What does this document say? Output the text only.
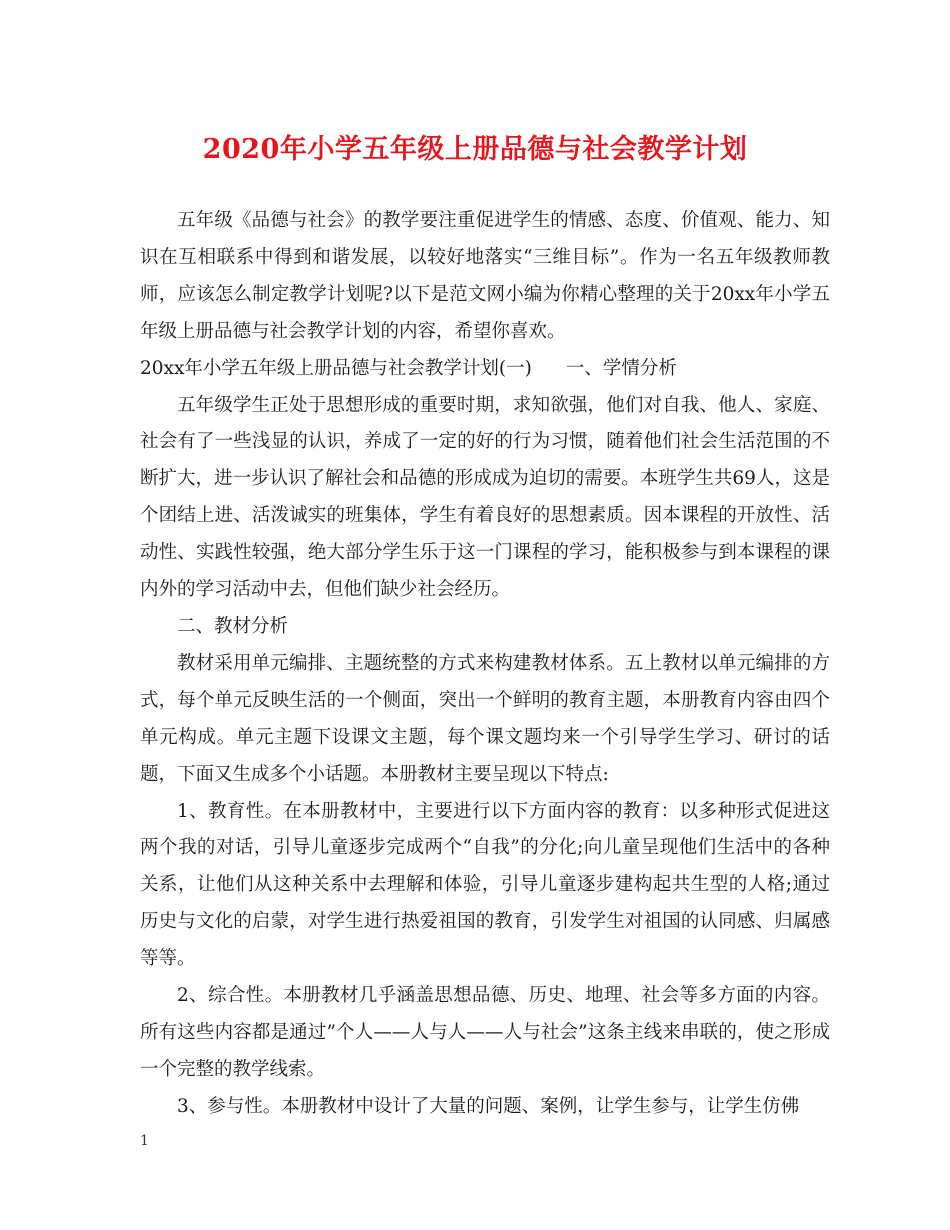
2020年小学五年级上册品德与社会教学计划

五年级《品德与社会》的教学要注重促进学生的情感、态度、价值观、能力、知识在互相联系中得到和谐发展，以较好地落实“三维目标”。作为一名五年级教师教师，应该怎么制定教学计划呢?以下是范文网小编为你精心整理的关于20xx年小学五年级上册品德与社会教学计划的内容，希望你喜欢。

20xx年小学五年级上册品德与社会教学计划(一) 一、学情分析

五年级学生正处于思想形成的重要时期，求知欲强，他们对自我、他人、家庭、社会有了一些浅显的认识，养成了一定的好的行为习惯，随着他们社会生活范围的不断扩大，进一步认识了解社会和品德的形成成为迫切的需要。本班学生共69人，这是个团结上进、活泼诚实的班集体，学生有着良好的思想素质。因本课程的开放性、活动性、实践性较强，绝大部分学生乐于这一门课程的学习，能积极参与到本课程的课内外的学习活动中去，但他们缺少社会经历。

二、教材分析

教材采用单元编排、主题统整的方式来构建教材体系。五上教材以单元编排的方式，每个单元反映生活的一个侧面，突出一个鲜明的教育主题，本册教育内容由四个单元构成。单元主题下设课文主题，每个课文题均来一个引导学生学习、研讨的话题，下面又生成多个小话题。本册教材主要呈现以下特点:

1、教育性。在本册教材中，主要进行以下方面内容的教育：以多种形式促进这两个我的对话，引导儿童逐步完成两个“自我”的分化;向儿童呈现他们生活中的各种关系，让他们从这种关系中去理解和体验，引导儿童逐步建构起共生型的人格;通过历史与文化的启蒙，对学生进行热爱祖国的教育，引发学生对祖国的认同感、归属感等等。

2、综合性。本册教材几乎涵盖思想品德、历史、地理、社会等多方面的内容。所有这些内容都是通过”个人——人与人——人与社会”这条主线来串联的，使之形成一个完整的教学线索。

3、参与性。本册教材中设计了大量的问题、案例，让学生参与，让学生仿佛

1
